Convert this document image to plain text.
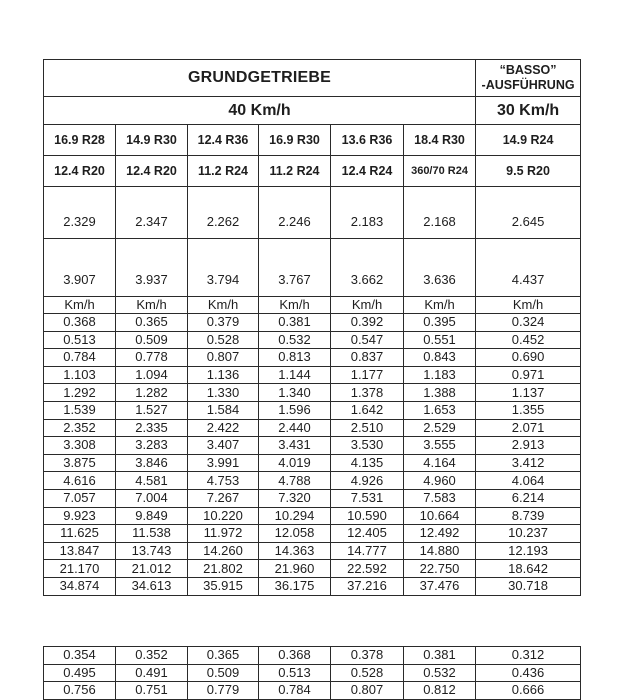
GRUNDGETRIEBE						“BASSO”
-AUSFÜHRUNG

40 Km/h						30 Km/h
16.9 R28	14.9 R30	12.4 R36	16.9 R30	13.6 R36	18.4 R30	14.9 R24
12.4 R20	12.4 R20	11.2 R24	11.2 R24	12.4 R24	360/70 R24	9.5 R20
2.329	2.347	2.262	2.246	2.183	2.168	2.645
3.907	3.937	3.794	3.767	3.662	3.636	4.437
Km/h	Km/h	Km/h	Km/h	Km/h	Km/h	Km/h
0.368	0.365	0.379	0.381	0.392	0.395	0.324
0.513	0.509	0.528	0.532	0.547	0.551	0.452
0.784	0.778	0.807	0.813	0.837	0.843	0.690
1.103	1.094	1.136	1.144	1.177	1.183	0.971
1.292	1.282	1.330	1.340	1.378	1.388	1.137
1.539	1.527	1.584	1.596	1.642	1.653	1.355
2.352	2.335	2.422	2.440	2.510	2.529	2.071
3.308	3.283	3.407	3.431	3.530	3.555	2.913
3.875	3.846	3.991	4.019	4.135	4.164	3.412
4.616	4.581	4.753	4.788	4.926	4.960	4.064
7.057	7.004	7.267	7.320	7.531	7.583	6.214
9.923	9.849	10.220	10.294	10.590	10.664	8.739
11.625	11.538	11.972	12.058	12.405	12.492	10.237
13.847	13.743	14.260	14.363	14.777	14.880	12.193
21.170	21.012	21.802	21.960	22.592	22.750	18.642
34.874	34.613	35.915	36.175	37.216	37.476	30.718
0.354	0.352	0.365	0.368	0.378	0.381	0.312
0.495	0.491	0.509	0.513	0.528	0.532	0.436
0.756	0.751	0.779	0.784	0.807	0.812	0.666
